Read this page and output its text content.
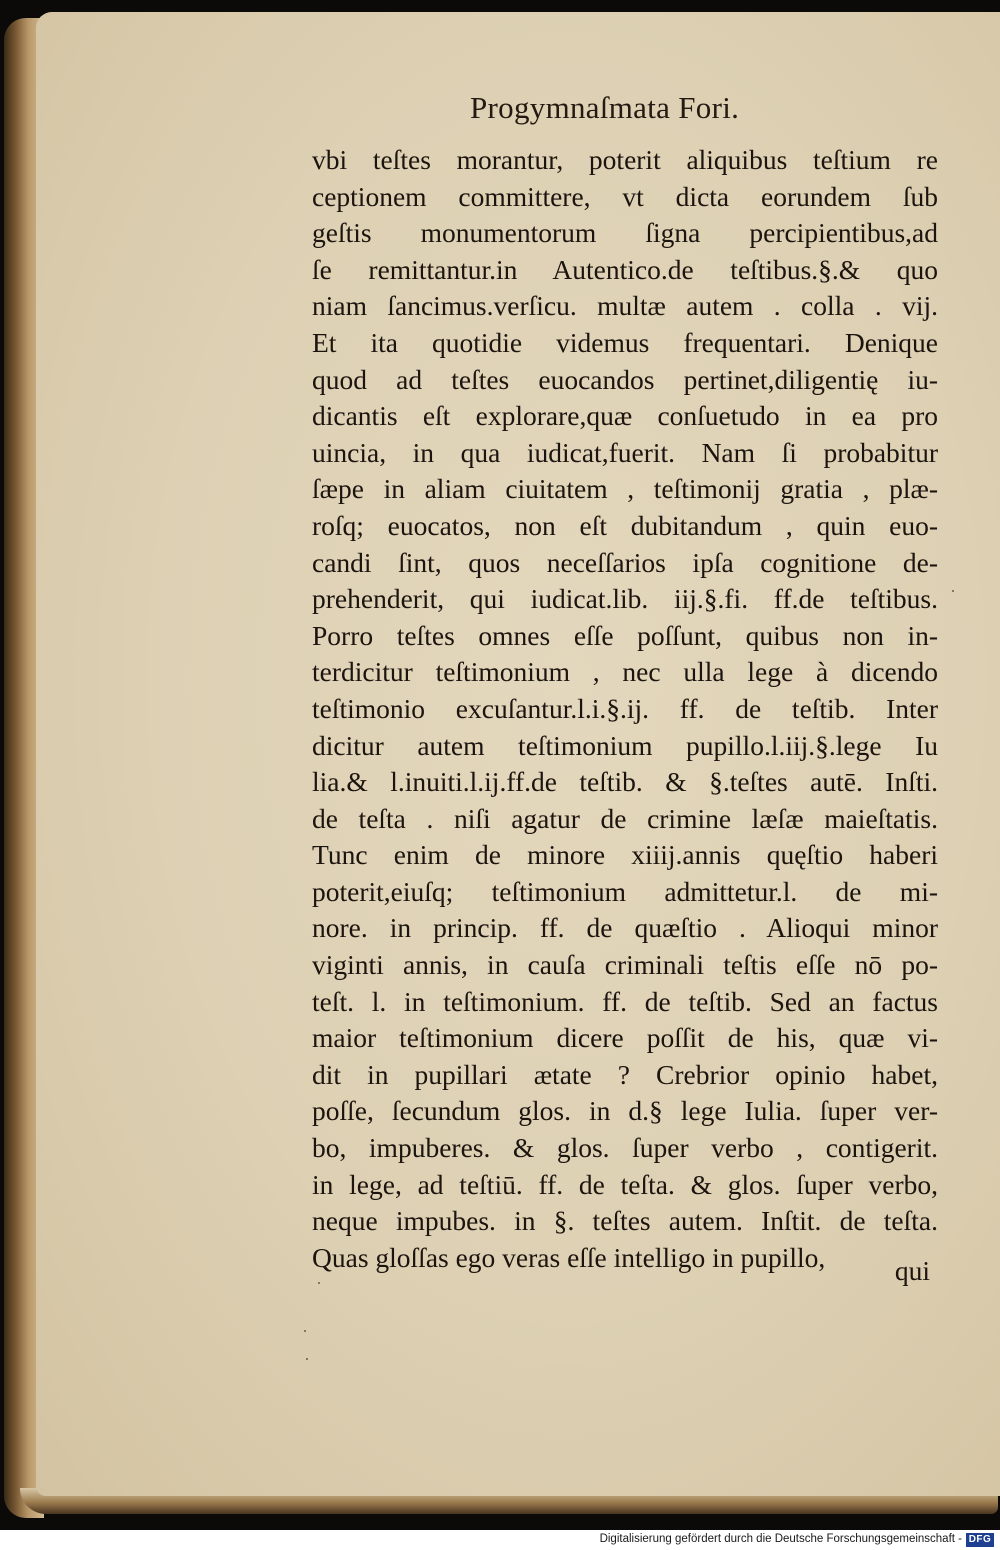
Progymnaſmata Fori.
vbi teſtes morantur, poterit aliquibus teſtium re
ceptionem committere, vt dicta eorundem ſub
geſtis monumentorum ſigna percipientibus,ad
ſe remittantur.in Autentico.de teſtibus.§.& quo
niam ſancimus.verſicu. multæ autem . colla . vij.
Et ita quotidie videmus frequentari. Denique
quod ad teſtes euocandos pertinet,diligentię iu-
dicantis eſt explorare,quæ conſuetudo in ea pro
uincia, in qua iudicat,fuerit. Nam ſi probabitur
ſæpe in aliam ciuitatem , teſtimonij gratia , plæ-
roſq; euocatos, non eſt dubitandum , quin euo-
candi ſint, quos neceſſarios ipſa cognitione de-
prehenderit, qui iudicat.lib. iij.§.fi. ff.de teſtibus.
Porro teſtes omnes eſſe poſſunt, quibus non in-
terdicitur teſtimonium , nec ulla lege à dicendo
teſtimonio excuſantur.l.i.§.ij. ff. de teſtib. Inter
dicitur autem teſtimonium pupillo.l.iij.§.lege Iu
lia.& l.inuiti.l.ij.ff.de teſtib. & §.teſtes autē. Inſti.
de teſta . niſi agatur de crimine læſæ maieſtatis.
Tunc enim de minore xiiij.annis quęſtio haberi
poterit,eiuſq; teſtimonium admittetur.l. de mi-
nore. in princip. ff. de quæſtio . Alioqui minor
viginti annis, in cauſa criminali teſtis eſſe nō po-
teſt. l. in teſtimonium. ff. de teſtib. Sed an factus
maior teſtimonium dicere poſſit de his, quæ vi-
dit in pupillari ætate ? Crebrior opinio habet,
poſſe, ſecundum glos. in d.§ lege Iulia. ſuper ver-
bo, impuberes. & glos. ſuper verbo , contigerit.
in lege, ad teſtiū. ff. de teſta. & glos. ſuper verbo,
neque impubes. in §. teſtes autem. Inſtit. de teſta.
Quas gloſſas ego veras eſſe intelligo in pupillo,	qui
Digitalisierung gefördert durch die Deutsche Forschungsgemeinschaft - DFG
